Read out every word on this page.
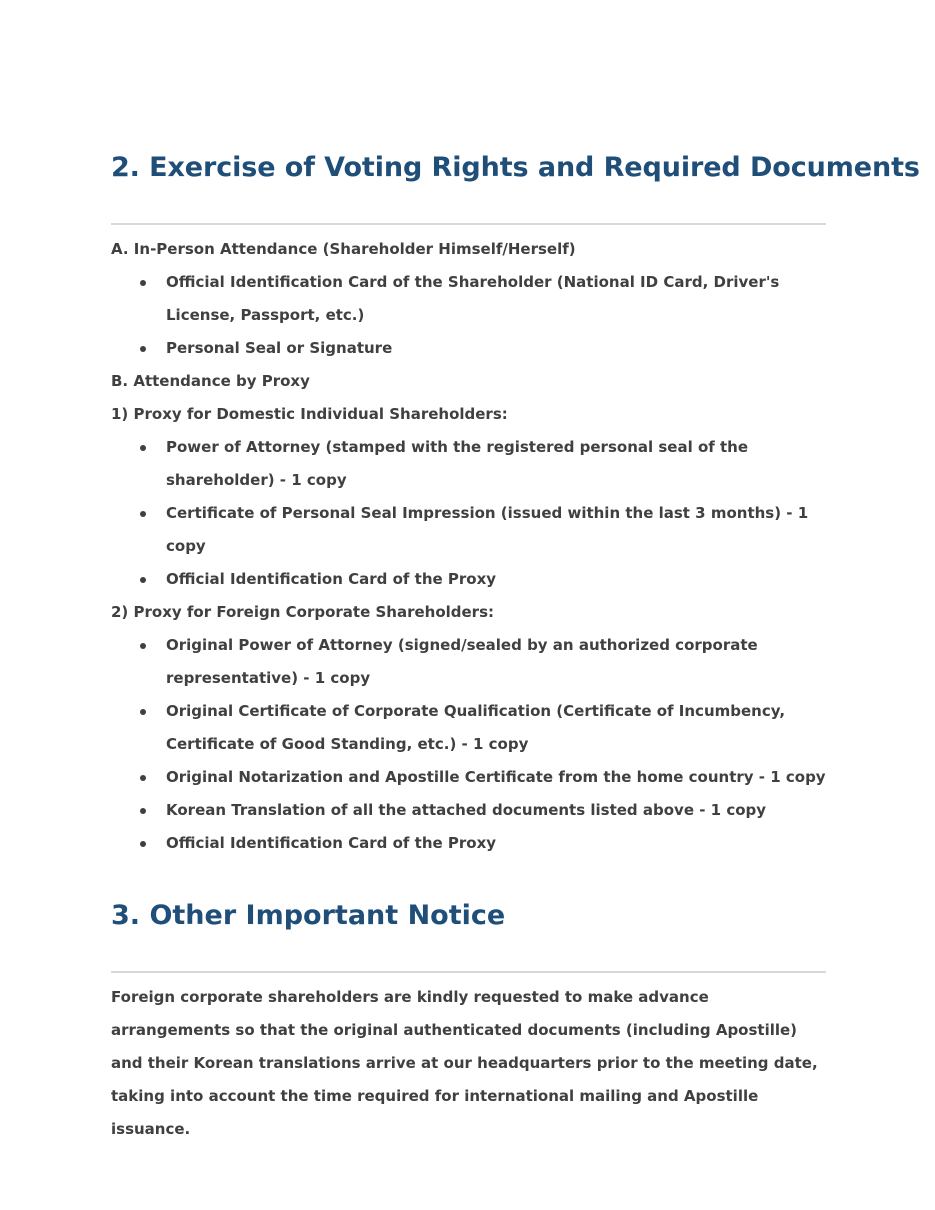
2. Exercise of Voting Rights and Required Documents

A. In-Person Attendance (Shareholder Himself/Herself)

Official Identification Card of the Shareholder (National ID Card, Driver's License, Passport, etc.)
Personal Seal or Signature

B. Attendance by Proxy

1) Proxy for Domestic Individual Shareholders:

Power of Attorney (stamped with the registered personal seal of the shareholder) - 1 copy
Certificate of Personal Seal Impression (issued within the last 3 months) - 1 copy
Official Identification Card of the Proxy

2) Proxy for Foreign Corporate Shareholders:

Original Power of Attorney (signed/sealed by an authorized corporate representative) - 1 copy
Original Certificate of Corporate Qualification (Certificate of Incumbency, Certificate of Good Standing, etc.) - 1 copy
Original Notarization and Apostille Certificate from the home country - 1 copy
Korean Translation of all the attached documents listed above - 1 copy
Official Identification Card of the Proxy
3. Other Important Notice

Foreign corporate shareholders are kindly requested to make advance arrangements so that the original authenticated documents (including Apostille) and their Korean translations arrive at our headquarters prior to the meeting date, taking into account the time required for international mailing and Apostille issuance.
